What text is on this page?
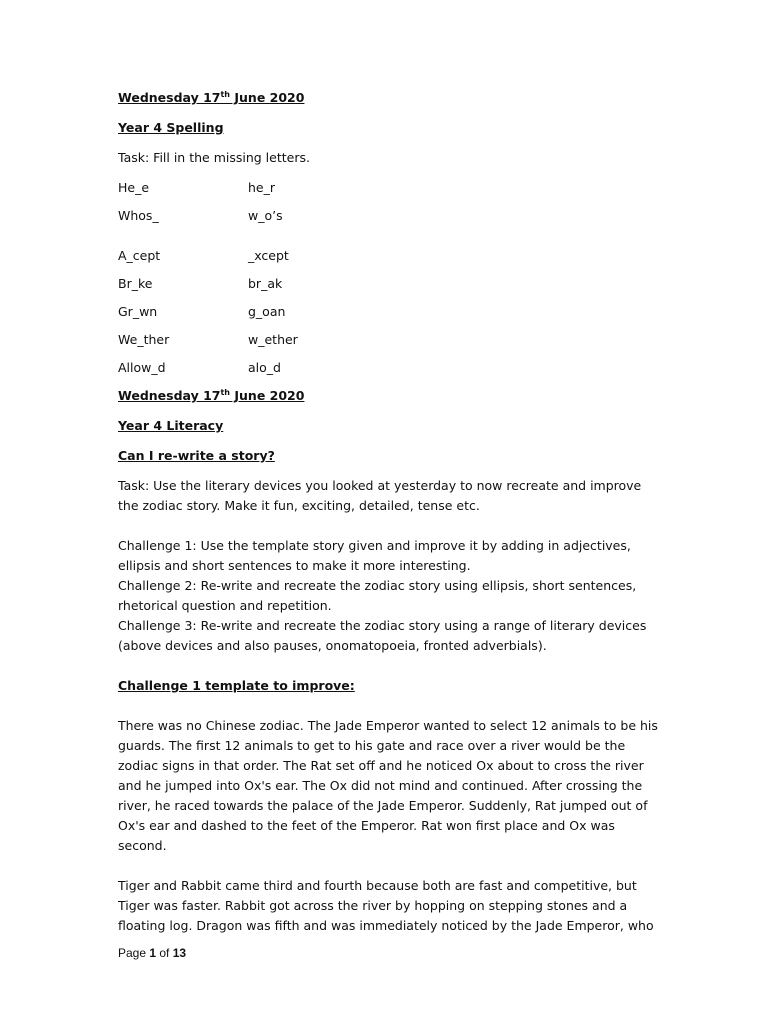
Wednesday 17th June 2020
Year 4 Spelling
Task: Fill in the missing letters.
He_e	he_r
Whos_	w_o’s
A_cept	_xcept
Br_ke	br_ak
Gr_wn	g_oan
We_ther	w_ether
Allow_d	alo_d
Wednesday 17th June 2020
Year 4 Literacy
Can I re-write a story?
Task: Use the literary devices you looked at yesterday to now recreate and improve the zodiac story. Make it fun, exciting, detailed, tense etc.
Challenge 1: Use the template story given and improve it by adding in adjectives, ellipsis and short sentences to make it more interesting.
Challenge 2: Re-write and recreate the zodiac story using ellipsis, short sentences, rhetorical question and repetition.
Challenge 3: Re-write and recreate the zodiac story using a range of literary devices (above devices and also pauses, onomatopoeia, fronted adverbials).
Challenge 1 template to improve:
There was no Chinese zodiac. The Jade Emperor wanted to select 12 animals to be his guards. The first 12 animals to get to his gate and race over a river would be the zodiac signs in that order. The Rat set off and he noticed Ox about to cross the river and he jumped into Ox's ear. The Ox did not mind and continued. After crossing the river, he raced towards the palace of the Jade Emperor. Suddenly, Rat jumped out of Ox's ear and dashed to the feet of the Emperor. Rat won first place and Ox was second.
Tiger and Rabbit came third and fourth because both are fast and competitive, but Tiger was faster. Rabbit got across the river by hopping on stepping stones and a floating log. Dragon was fifth and was immediately noticed by the Jade Emperor, who
Page 1 of 13
